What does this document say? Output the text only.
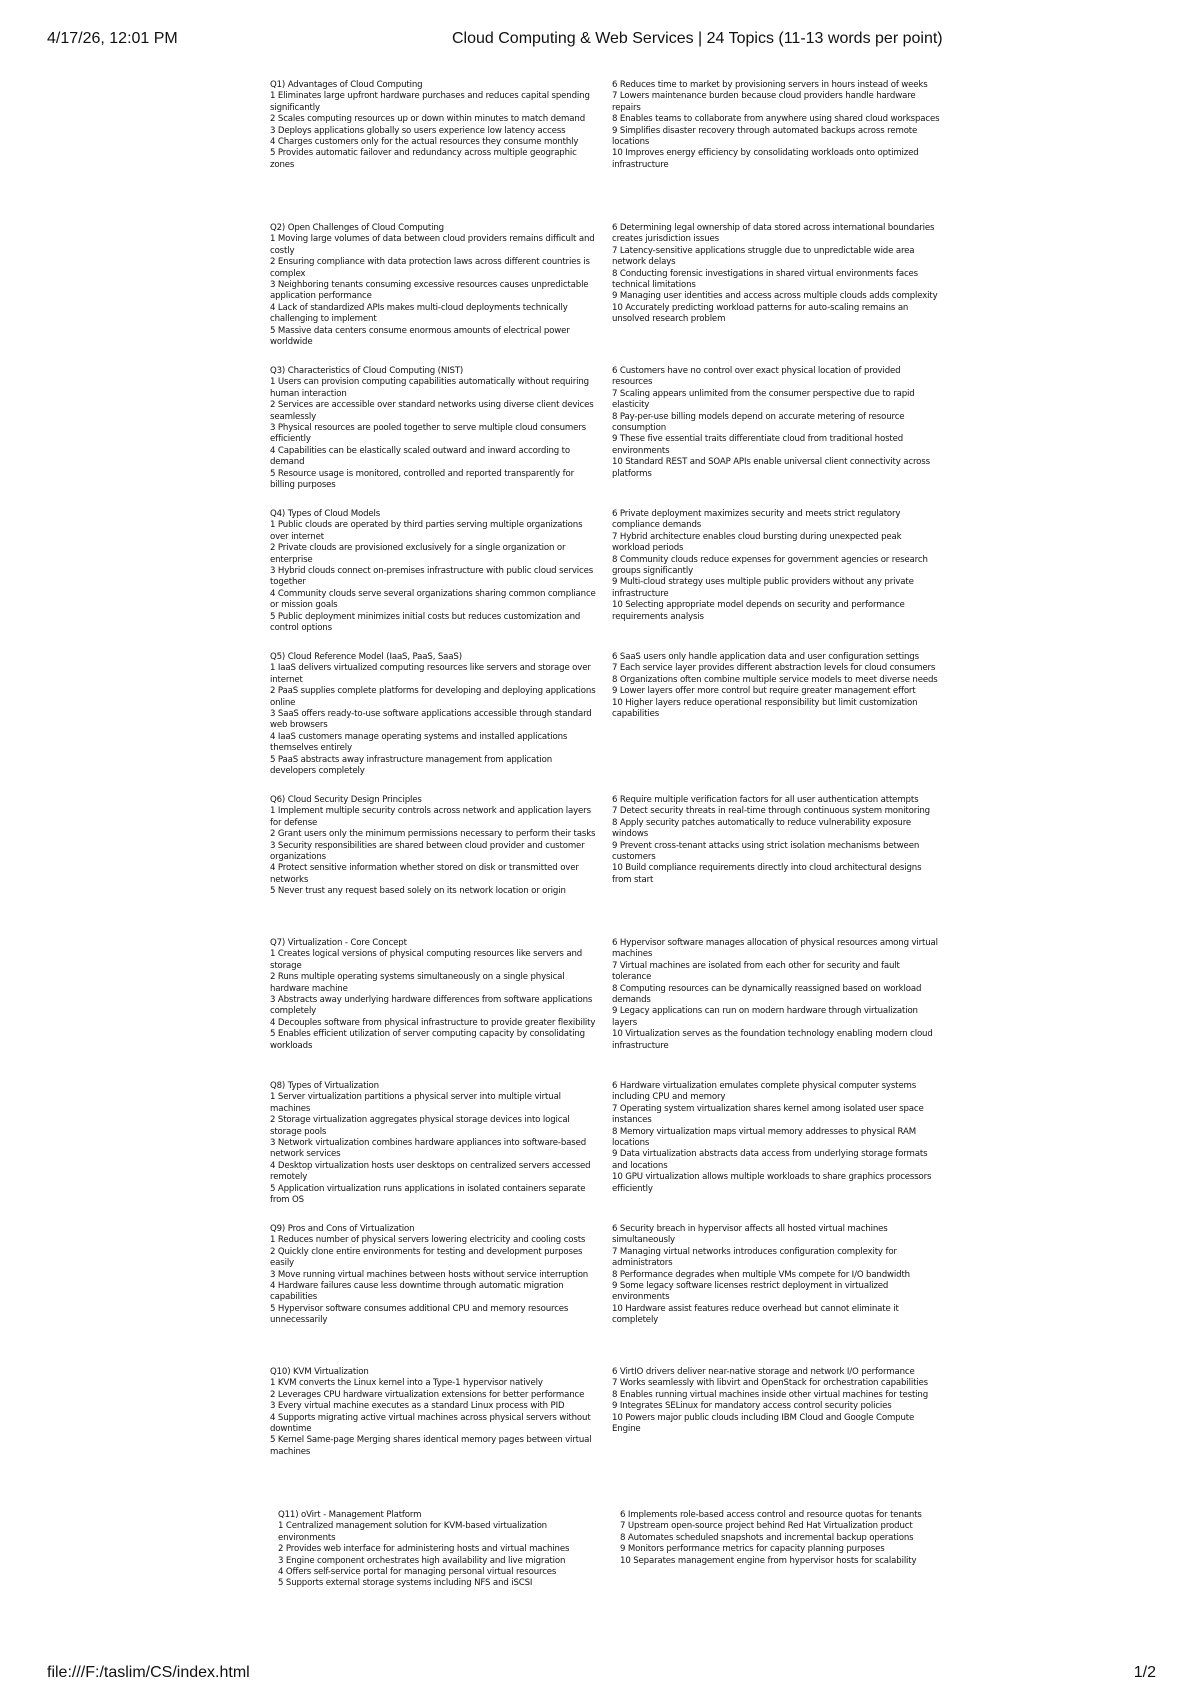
4/17/26, 12:01 PM	Cloud Computing & Web Services | 24 Topics (11-13 words per point)
Q1) Advantages of Cloud Computing
1 Eliminates large upfront hardware purchases and reduces capital spending significantly
2 Scales computing resources up or down within minutes to match demand
3 Deploys applications globally so users experience low latency access
4 Charges customers only for the actual resources they consume monthly
5 Provides automatic failover and redundancy across multiple geographic zones
6 Reduces time to market by provisioning servers in hours instead of weeks
7 Lowers maintenance burden because cloud providers handle hardware repairs
8 Enables teams to collaborate from anywhere using shared cloud workspaces
9 Simplifies disaster recovery through automated backups across remote locations
10 Improves energy efficiency by consolidating workloads onto optimized infrastructure
Q2) Open Challenges of Cloud Computing
1 Moving large volumes of data between cloud providers remains difficult and costly
2 Ensuring compliance with data protection laws across different countries is complex
3 Neighboring tenants consuming excessive resources causes unpredictable application performance
4 Lack of standardized APIs makes multi-cloud deployments technically challenging to implement
5 Massive data centers consume enormous amounts of electrical power worldwide
6 Determining legal ownership of data stored across international boundaries creates jurisdiction issues
7 Latency-sensitive applications struggle due to unpredictable wide area network delays
8 Conducting forensic investigations in shared virtual environments faces technical limitations
9 Managing user identities and access across multiple clouds adds complexity
10 Accurately predicting workload patterns for auto-scaling remains an unsolved research problem
Q3) Characteristics of Cloud Computing (NIST)
1 Users can provision computing capabilities automatically without requiring human interaction
2 Services are accessible over standard networks using diverse client devices seamlessly
3 Physical resources are pooled together to serve multiple cloud consumers efficiently
4 Capabilities can be elastically scaled outward and inward according to demand
5 Resource usage is monitored, controlled and reported transparently for billing purposes
6 Customers have no control over exact physical location of provided resources
7 Scaling appears unlimited from the consumer perspective due to rapid elasticity
8 Pay-per-use billing models depend on accurate metering of resource consumption
9 These five essential traits differentiate cloud from traditional hosted environments
10 Standard REST and SOAP APIs enable universal client connectivity across platforms
Q4) Types of Cloud Models
1 Public clouds are operated by third parties serving multiple organizations over internet
2 Private clouds are provisioned exclusively for a single organization or enterprise
3 Hybrid clouds connect on-premises infrastructure with public cloud services together
4 Community clouds serve several organizations sharing common compliance or mission goals
5 Public deployment minimizes initial costs but reduces customization and control options
6 Private deployment maximizes security and meets strict regulatory compliance demands
7 Hybrid architecture enables cloud bursting during unexpected peak workload periods
8 Community clouds reduce expenses for government agencies or research groups significantly
9 Multi-cloud strategy uses multiple public providers without any private infrastructure
10 Selecting appropriate model depends on security and performance requirements analysis
Q5) Cloud Reference Model (IaaS, PaaS, SaaS)
1 IaaS delivers virtualized computing resources like servers and storage over internet
2 PaaS supplies complete platforms for developing and deploying applications online
3 SaaS offers ready-to-use software applications accessible through standard web browsers
4 IaaS customers manage operating systems and installed applications themselves entirely
5 PaaS abstracts away infrastructure management from application developers completely
6 SaaS users only handle application data and user configuration settings
7 Each service layer provides different abstraction levels for cloud consumers
8 Organizations often combine multiple service models to meet diverse needs
9 Lower layers offer more control but require greater management effort
10 Higher layers reduce operational responsibility but limit customization capabilities
Q6) Cloud Security Design Principles
1 Implement multiple security controls across network and application layers for defense
2 Grant users only the minimum permissions necessary to perform their tasks
3 Security responsibilities are shared between cloud provider and customer organizations
4 Protect sensitive information whether stored on disk or transmitted over networks
5 Never trust any request based solely on its network location or origin
6 Require multiple verification factors for all user authentication attempts
7 Detect security threats in real-time through continuous system monitoring
8 Apply security patches automatically to reduce vulnerability exposure windows
9 Prevent cross-tenant attacks using strict isolation mechanisms between customers
10 Build compliance requirements directly into cloud architectural designs from start
Q7) Virtualization - Core Concept
1 Creates logical versions of physical computing resources like servers and storage
2 Runs multiple operating systems simultaneously on a single physical hardware machine
3 Abstracts away underlying hardware differences from software applications completely
4 Decouples software from physical infrastructure to provide greater flexibility
5 Enables efficient utilization of server computing capacity by consolidating workloads
6 Hypervisor software manages allocation of physical resources among virtual machines
7 Virtual machines are isolated from each other for security and fault tolerance
8 Computing resources can be dynamically reassigned based on workload demands
9 Legacy applications can run on modern hardware through virtualization layers
10 Virtualization serves as the foundation technology enabling modern cloud infrastructure
Q8) Types of Virtualization
1 Server virtualization partitions a physical server into multiple virtual machines
2 Storage virtualization aggregates physical storage devices into logical storage pools
3 Network virtualization combines hardware appliances into software-based network services
4 Desktop virtualization hosts user desktops on centralized servers accessed remotely
5 Application virtualization runs applications in isolated containers separate from OS
6 Hardware virtualization emulates complete physical computer systems including CPU and memory
7 Operating system virtualization shares kernel among isolated user space instances
8 Memory virtualization maps virtual memory addresses to physical RAM locations
9 Data virtualization abstracts data access from underlying storage formats and locations
10 GPU virtualization allows multiple workloads to share graphics processors efficiently
Q9) Pros and Cons of Virtualization
1 Reduces number of physical servers lowering electricity and cooling costs
2 Quickly clone entire environments for testing and development purposes easily
3 Move running virtual machines between hosts without service interruption
4 Hardware failures cause less downtime through automatic migration capabilities
5 Hypervisor software consumes additional CPU and memory resources unnecessarily
6 Security breach in hypervisor affects all hosted virtual machines simultaneously
7 Managing virtual networks introduces configuration complexity for administrators
8 Performance degrades when multiple VMs compete for I/O bandwidth
9 Some legacy software licenses restrict deployment in virtualized environments
10 Hardware assist features reduce overhead but cannot eliminate it completely
Q10) KVM Virtualization
1 KVM converts the Linux kernel into a Type-1 hypervisor natively
2 Leverages CPU hardware virtualization extensions for better performance
3 Every virtual machine executes as a standard Linux process with PID
4 Supports migrating active virtual machines across physical servers without downtime
5 Kernel Same-page Merging shares identical memory pages between virtual machines
6 VirtIO drivers deliver near-native storage and network I/O performance
7 Works seamlessly with libvirt and OpenStack for orchestration capabilities
8 Enables running virtual machines inside other virtual machines for testing
9 Integrates SELinux for mandatory access control security policies
10 Powers major public clouds including IBM Cloud and Google Compute Engine
Q11) oVirt - Management Platform
1 Centralized management solution for KVM-based virtualization environments
2 Provides web interface for administering hosts and virtual machines
3 Engine component orchestrates high availability and live migration
4 Offers self-service portal for managing personal virtual resources
5 Supports external storage systems including NFS and iSCSI
6 Implements role-based access control and resource quotas for tenants
7 Upstream open-source project behind Red Hat Virtualization product
8 Automates scheduled snapshots and incremental backup operations
9 Monitors performance metrics for capacity planning purposes
10 Separates management engine from hypervisor hosts for scalability
file:///F:/taslim/CS/index.html	1/2
